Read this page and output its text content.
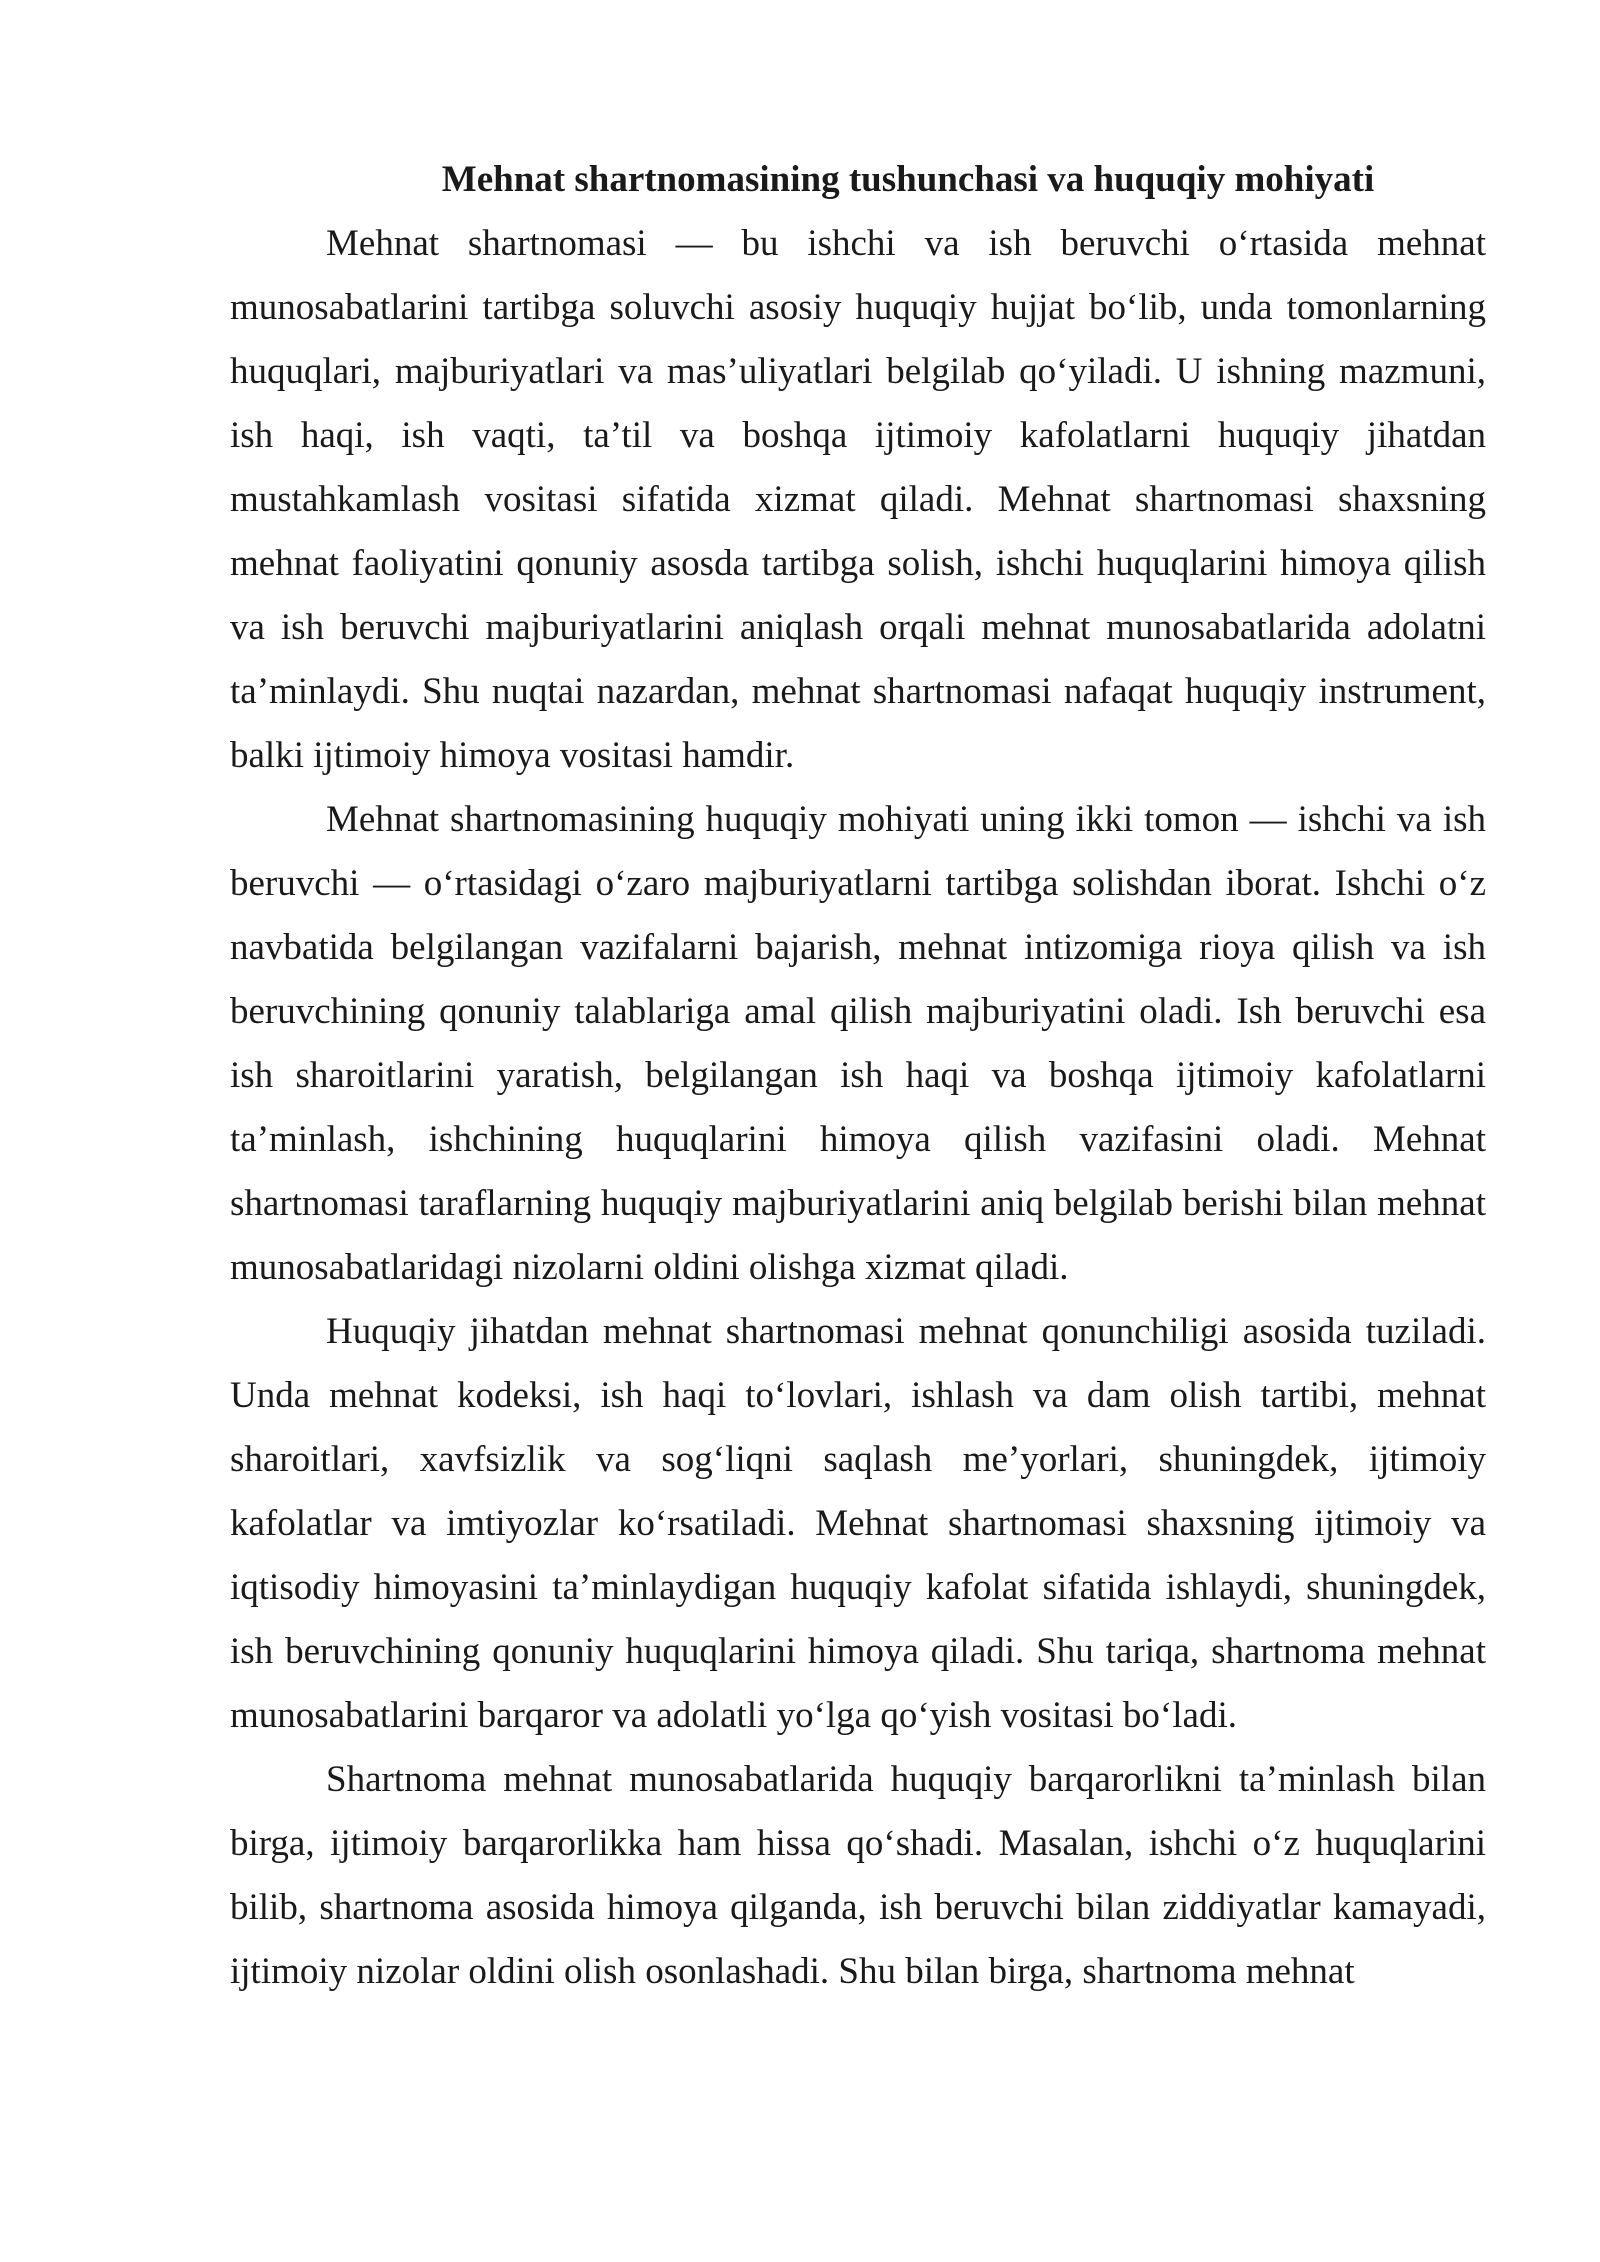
Mehnat shartnomasining tushunchasi va huquqiy mohiyati

Mehnat shartnomasi — bu ishchi va ish beruvchi o‘rtasida mehnat munosabatlarini tartibga soluvchi asosiy huquqiy hujjat bo‘lib, unda tomonlarning huquqlari, majburiyatlari va mas’uliyatlari belgilab qo‘yiladi. U ishning mazmuni, ish haqi, ish vaqti, ta’til va boshqa ijtimoiy kafolatlarni huquqiy jihatdan mustahkamlash vositasi sifatida xizmat qiladi. Mehnat shartnomasi shaxsning mehnat faoliyatini qonuniy asosda tartibga solish, ishchi huquqlarini himoya qilish va ish beruvchi majburiyatlarini aniqlash orqali mehnat munosabatlarida adolatni ta’minlaydi. Shu nuqtai nazardan, mehnat shartnomasi nafaqat huquqiy instrument, balki ijtimoiy himoya vositasi hamdir.

Mehnat shartnomasining huquqiy mohiyati uning ikki tomon — ishchi va ish beruvchi — o‘rtasidagi o‘zaro majburiyatlarni tartibga solishdan iborat. Ishchi o‘z navbatida belgilangan vazifalarni bajarish, mehnat intizomiga rioya qilish va ish beruvchining qonuniy talablariga amal qilish majburiyatini oladi. Ish beruvchi esa ish sharoitlarini yaratish, belgilangan ish haqi va boshqa ijtimoiy kafolatlarni ta’minlash, ishchining huquqlarini himoya qilish vazifasini oladi. Mehnat shartnomasi taraflarning huquqiy majburiyatlarini aniq belgilab berishi bilan mehnat munosabatlaridagi nizolarni oldini olishga xizmat qiladi.

Huquqiy jihatdan mehnat shartnomasi mehnat qonunchiligi asosida tuziladi. Unda mehnat kodeksi, ish haqi to‘lovlari, ishlash va dam olish tartibi, mehnat sharoitlari, xavfsizlik va sog‘liqni saqlash me’yorlari, shuningdek, ijtimoiy kafolatlar va imtiyozlar ko‘rsatiladi. Mehnat shartnomasi shaxsning ijtimoiy va iqtisodiy himoyasini ta’minlaydigan huquqiy kafolat sifatida ishlaydi, shuningdek, ish beruvchining qonuniy huquqlarini himoya qiladi. Shu tariqa, shartnoma mehnat munosabatlarini barqaror va adolatli yo‘lga qo‘yish vositasi bo‘ladi.

Shartnoma mehnat munosabatlarida huquqiy barqarorlikni ta’minlash bilan birga, ijtimoiy barqarorlikka ham hissa qo‘shadi. Masalan, ishchi o‘z huquqlarini bilib, shartnoma asosida himoya qilganda, ish beruvchi bilan ziddiyatlar kamayadi, ijtimoiy nizolar oldini olish osonlashadi. Shu bilan birga, shartnoma mehnat
